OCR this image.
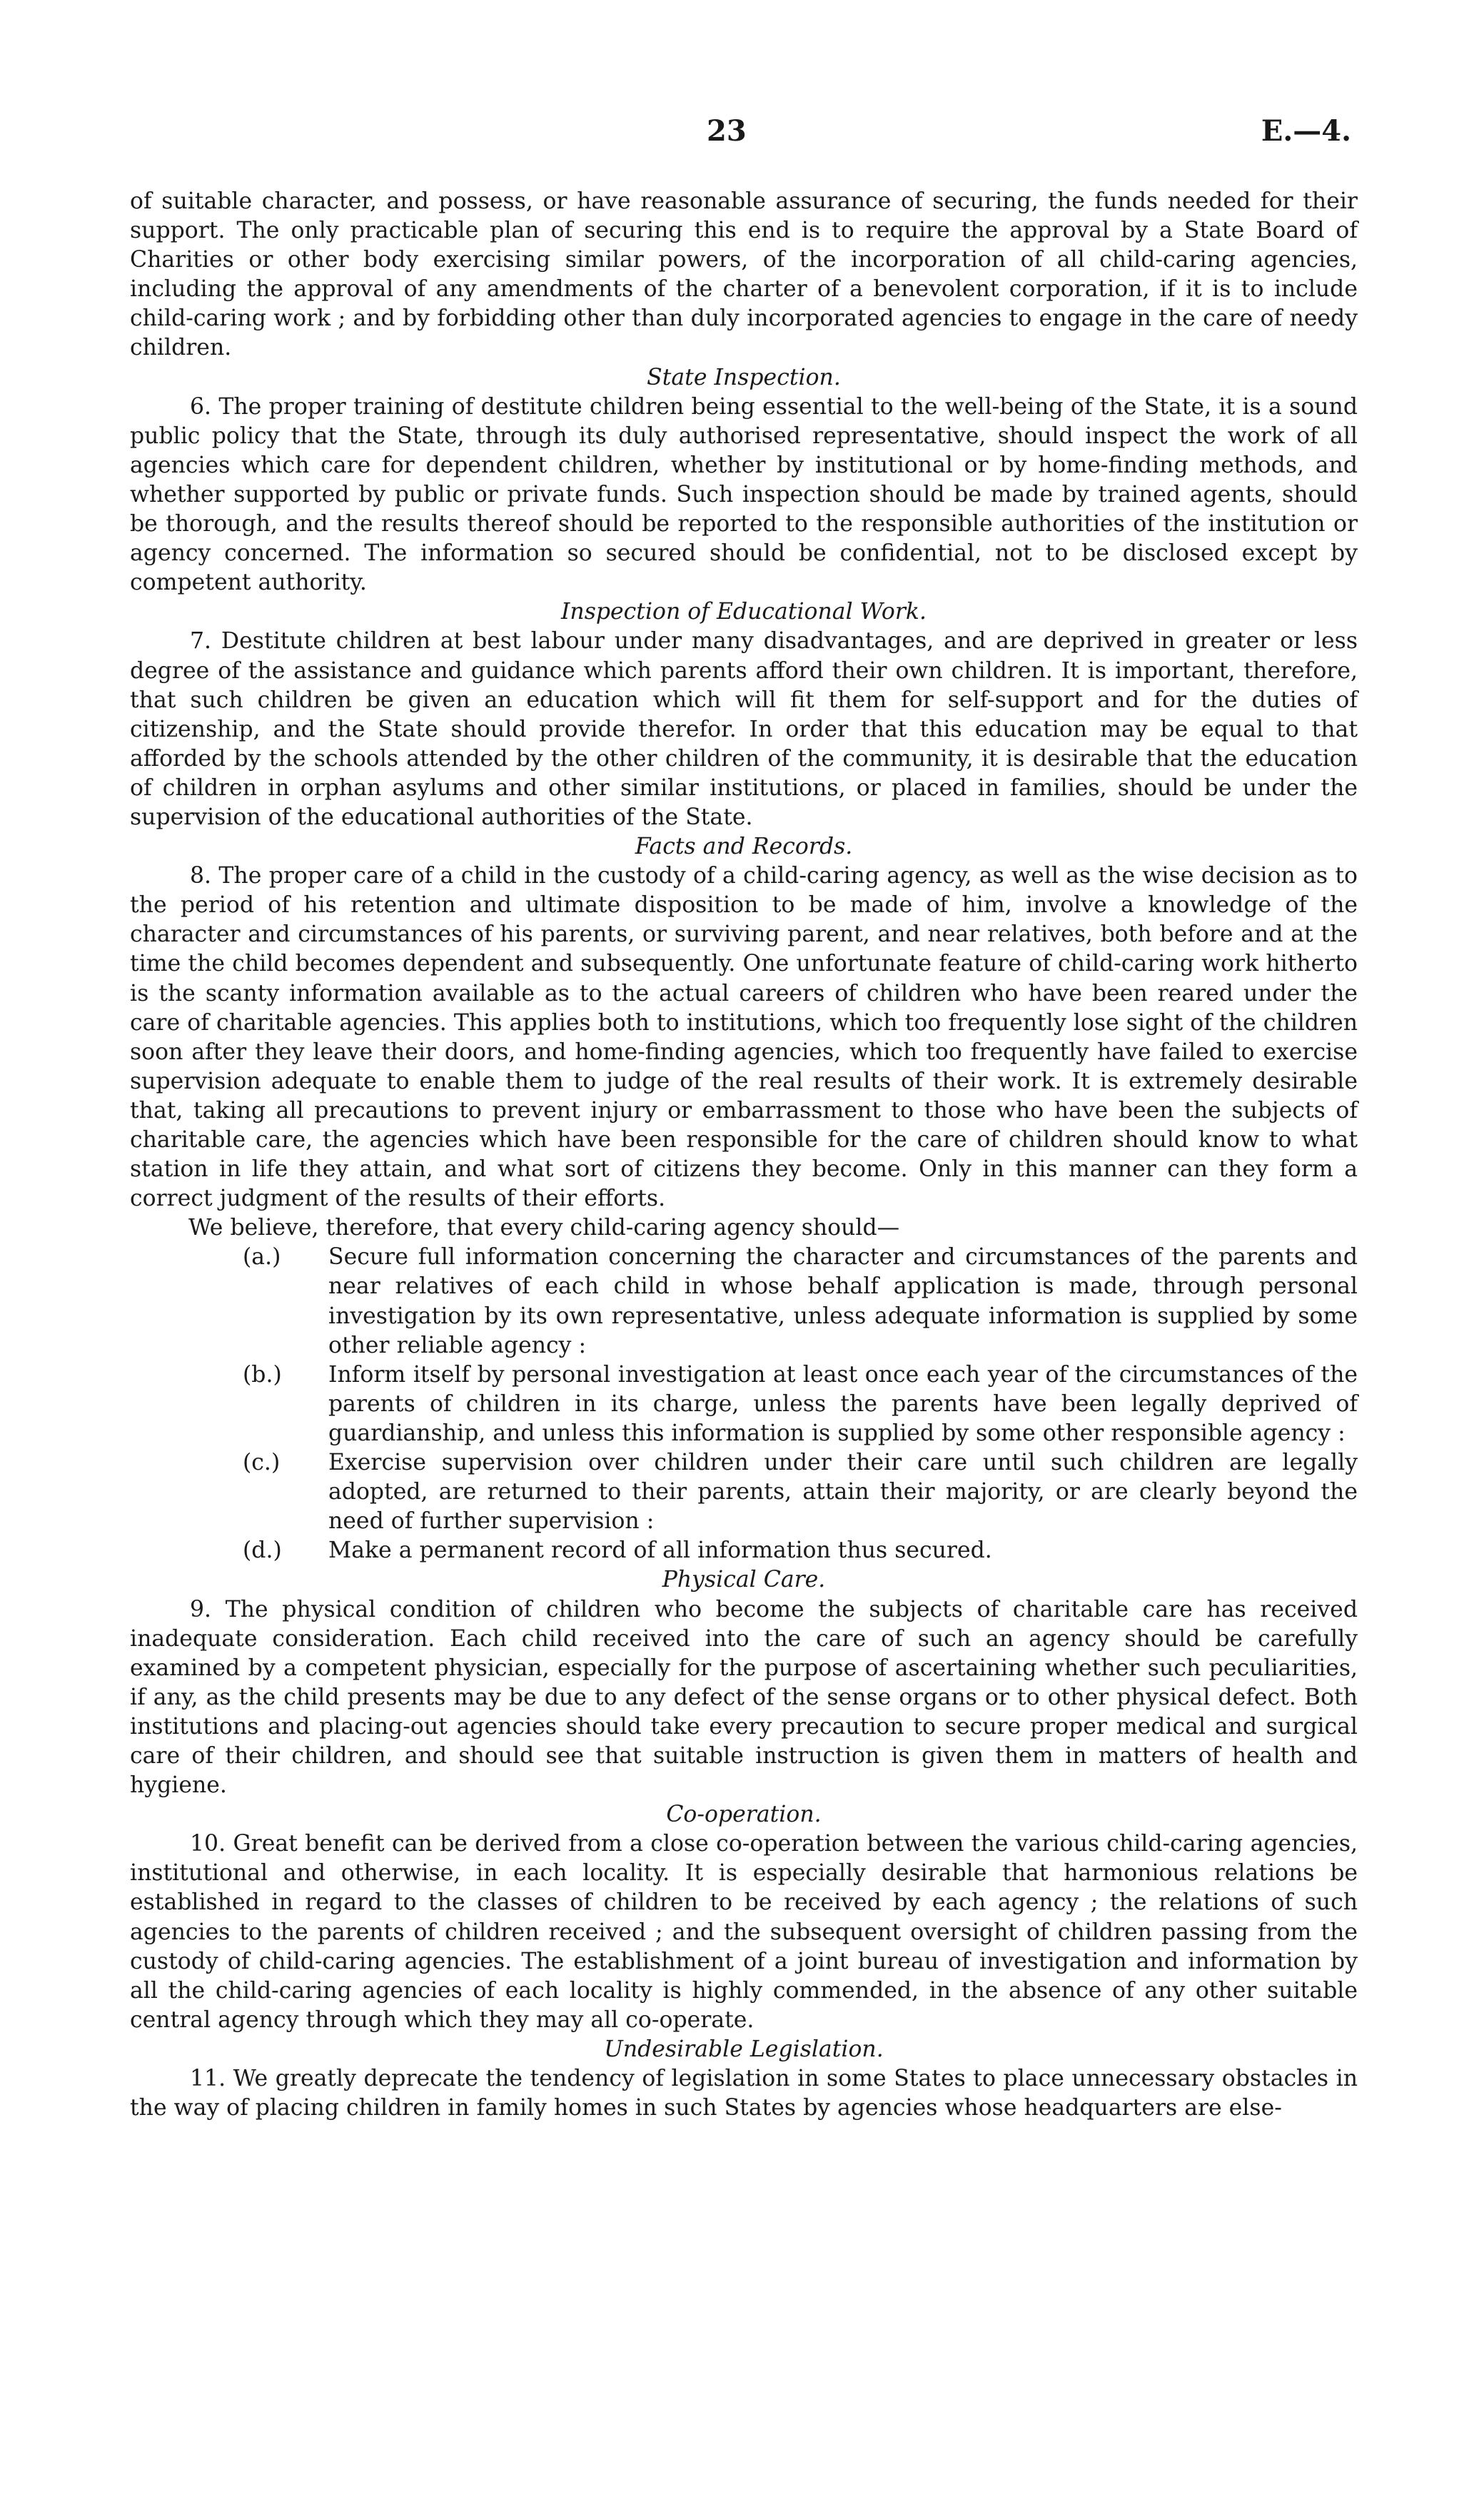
23	E.—4.

of suitable character, and possess, or have reasonable assurance of securing, the funds needed for their support. The only practicable plan of securing this end is to require the approval by a State Board of Charities or other body exercising similar powers, of the incorporation of all child-caring agencies, including the approval of any amendments of the charter of a benevolent corporation, if it is to include child-caring work ; and by forbidding other than duly incorporated agencies to engage in the care of needy children.

State Inspection.

6. The proper training of destitute children being essential to the well-being of the State, it is a sound public policy that the State, through its duly authorised representative, should inspect the work of all agencies which care for dependent children, whether by institutional or by home-finding methods, and whether supported by public or private funds. Such inspection should be made by trained agents, should be thorough, and the results thereof should be reported to the responsible authorities of the institution or agency concerned. The information so secured should be confidential, not to be disclosed except by competent authority.

Inspection of Educational Work.

7. Destitute children at best labour under many disadvantages, and are deprived in greater or less degree of the assistance and guidance which parents afford their own children. It is important, therefore, that such children be given an education which will fit them for self-support and for the duties of citizenship, and the State should provide therefor. In order that this education may be equal to that afforded by the schools attended by the other children of the community, it is desirable that the education of children in orphan asylums and other similar institutions, or placed in families, should be under the supervision of the educational authorities of the State.

Facts and Records.

8. The proper care of a child in the custody of a child-caring agency, as well as the wise decision as to the period of his retention and ultimate disposition to be made of him, involve a knowledge of the character and circumstances of his parents, or surviving parent, and near relatives, both before and at the time the child becomes dependent and subsequently. One unfortunate feature of child-caring work hitherto is the scanty information available as to the actual careers of children who have been reared under the care of charitable agencies. This applies both to institutions, which too frequently lose sight of the children soon after they leave their doors, and home-finding agencies, which too frequently have failed to exercise supervision adequate to enable them to judge of the real results of their work. It is extremely desirable that, taking all precautions to prevent injury or embarrassment to those who have been the subjects of charitable care, the agencies which have been responsible for the care of children should know to what station in life they attain, and what sort of citizens they become. Only in this manner can they form a correct judgment of the results of their efforts.

We believe, therefore, that every child-caring agency should—

(a.) Secure full information concerning the character and circumstances of the parents and near relatives of each child in whose behalf application is made, through personal investigation by its own representative, unless adequate information is supplied by some other reliable agency :
(b.) Inform itself by personal investigation at least once each year of the circumstances of the parents of children in its charge, unless the parents have been legally deprived of guardianship, and unless this information is supplied by some other responsible agency :
(c.) Exercise supervision over children under their care until such children are legally adopted, are returned to their parents, attain their majority, or are clearly beyond the need of further supervision :
(d.) Make a permanent record of all information thus secured.

Physical Care.

9. The physical condition of children who become the subjects of charitable care has received inadequate consideration. Each child received into the care of such an agency should be carefully examined by a competent physician, especially for the purpose of ascertaining whether such peculiarities, if any, as the child presents may be due to any defect of the sense organs or to other physical defect. Both institutions and placing-out agencies should take every precaution to secure proper medical and surgical care of their children, and should see that suitable instruction is given them in matters of health and hygiene.

Co-operation.

10. Great benefit can be derived from a close co-operation between the various child-caring agencies, institutional and otherwise, in each locality. It is especially desirable that harmonious relations be established in regard to the classes of children to be received by each agency ; the relations of such agencies to the parents of children received ; and the subsequent oversight of children passing from the custody of child-caring agencies. The establishment of a joint bureau of investigation and information by all the child-caring agencies of each locality is highly commended, in the absence of any other suitable central agency through which they may all co-operate.

Undesirable Legislation.

11. We greatly deprecate the tendency of legislation in some States to place unnecessary obstacles in the way of placing children in family homes in such States by agencies whose headquarters are else-
